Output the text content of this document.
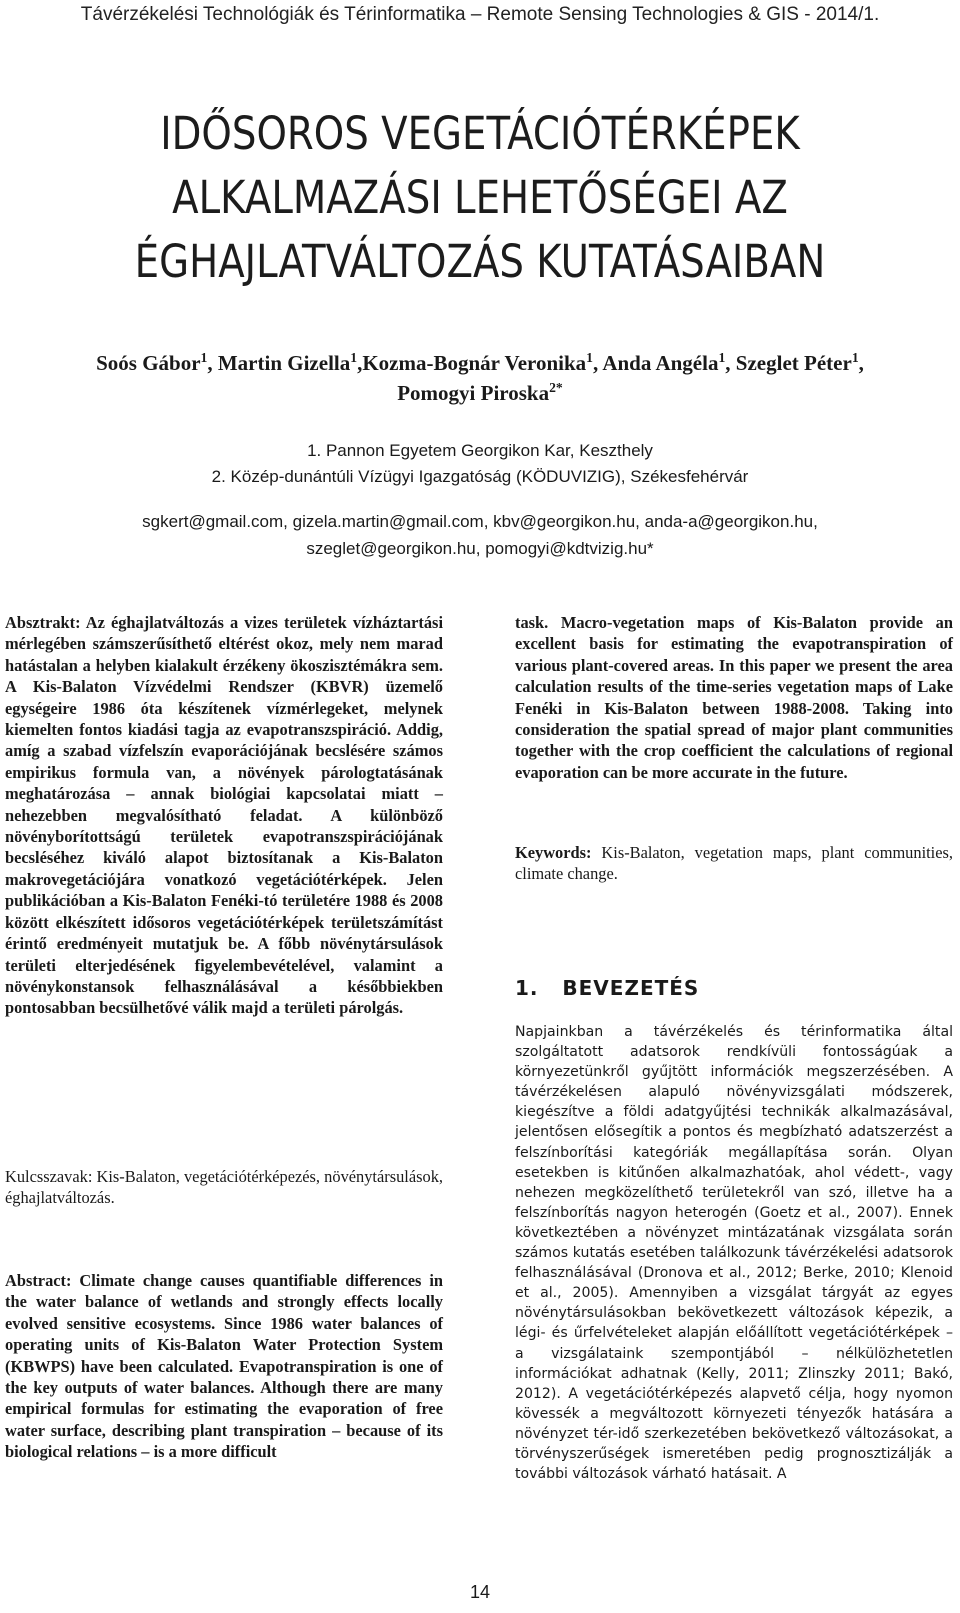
Távérzékelési Technológiák és Térinformatika – Remote Sensing Technologies & GIS - 2014/1.
IDŐSOROS VEGETÁCIÓTÉRKÉPEK
ALKALMAZÁSI LEHETŐSÉGEI AZ
ÉGHAJLATVÁLTOZÁS KUTATÁSAIBAN
Soós Gábor$^1$, Martin Gizella$^1$,Kozma-Bognár Veronika$^1$, Anda Angéla$^1$, Szeglet Péter$^1$,
Pomogyi Piroska$^{2*}$
1. Pannon Egyetem Georgikon Kar, Keszthely
2. Közép-dunántúli Vízügyi Igazgatóság (KÖDUVIZIG), Székesfehérvár
sgkert@gmail.com, gizela.martin@gmail.com, kbv@georgikon.hu, anda-a@georgikon.hu,
szeglet@georgikon.hu, pomogyi@kdtvizig.hu*

Absztrakt: Az éghajlatváltozás a vizes területek vízháztartási mérlegében számszerűsíthető eltérést okoz, mely nem marad hatástalan a helyben kialakult érzékeny ökoszisztémákra sem. A Kis-Balaton Vízvédelmi Rendszer (KBVR) üzemelő egységeire 1986 óta készítenek vízmérlegeket, melynek kiemelten fontos kiadási tagja az evapotranszspiráció. Addig, amíg a szabad vízfelszín evaporációjának becslésére számos empirikus formula van, a növények párologtatásának meghatározása – annak biológiai kapcsolatai miatt – nehezebben megvalósítható feladat. A különböző növényborítottságú területek evapotranszspirációjának becsléséhez kiváló alapot biztosítanak a Kis-Balaton makrovegetációjára vonatkozó vegetációtérképek. Jelen publikációban a Kis-Balaton Fenéki-tó területére 1988 és 2008 között elkészített idősoros vegetációtérképek területszámítást érintő eredményeit mutatjuk be. A főbb növénytársulások területi elterjedésének figyelembevételével, valamint a növénykonstansok felhasználásával a későbbiekben pontosabban becsülhetővé válik majd a területi párolgás.

Kulcsszavak: Kis-Balaton, vegetációtérképezés, növénytársulások, éghajlatváltozás.

Abstract: Climate change causes quantifiable differences in the water balance of wetlands and strongly effects locally evolved sensitive ecosystems. Since 1986 water balances of operating units of Kis-Balaton Water Protection System (KBWPS) have been calculated. Evapotranspiration is one of the key outputs of water balances. Although there are many empirical formulas for estimating the evaporation of free water surface, describing plant transpiration – because of its biological relations – is a more difficult

task. Macro-vegetation maps of Kis-Balaton provide an excellent basis for estimating the evapotranspiration of various plant-covered areas. In this paper we present the area calculation results of the time-series vegetation maps of Lake Fenéki in Kis-Balaton between 1988-2008. Taking into consideration the spatial spread of major plant communities together with the crop coefficient the calculations of regional evaporation can be more accurate in the future.

Keywords: Kis-Balaton, vegetation maps, plant communities, climate change.

1.   BEVEZETÉS
Napjainkban a távérzékelés és térinformatika által szolgáltatott adatsorok rendkívüli fontosságúak a környezetünkről gyűjtött információk megszerzésében. A távérzékelésen alapuló növényvizsgálati módszerek, kiegészítve a földi adatgyűjtési technikák alkalmazásával, jelentősen elősegítik a pontos és megbízható adatszerzést a felszínborítási kategóriák megállapítása során. Olyan esetekben is kitűnően alkalmazhatóak, ahol védett-, vagy nehezen megközelíthető területekről van szó, illetve ha a felszínborítás nagyon heterogén (Goetz et al., 2007). Ennek következtében a növényzet mintázatának vizsgálata során számos kutatás esetében találkozunk távérzékelési adatsorok felhasználásával (Dronova et al., 2012; Berke, 2010; Klenoid et al., 2005). Amennyiben a vizsgálat tárgyát az egyes növénytársulásokban bekövetkezett változások képezik, a légi- és űrfelvételeket alapján előállított vegetációtérképek – a vizsgálataink szempontjából – nélkülözhetetlen információkat adhatnak (Kelly, 2011; Zlinszky 2011; Bakó, 2012). A vegetációtérképezés alapvető célja, hogy nyomon kövessék a megváltozott környezeti tényezők hatására a növényzet tér-idő szerkezetében bekövetkező változásokat, a törvényszerűségek ismeretében pedig prognosztizálják a további változások várható hatásait. A
14
